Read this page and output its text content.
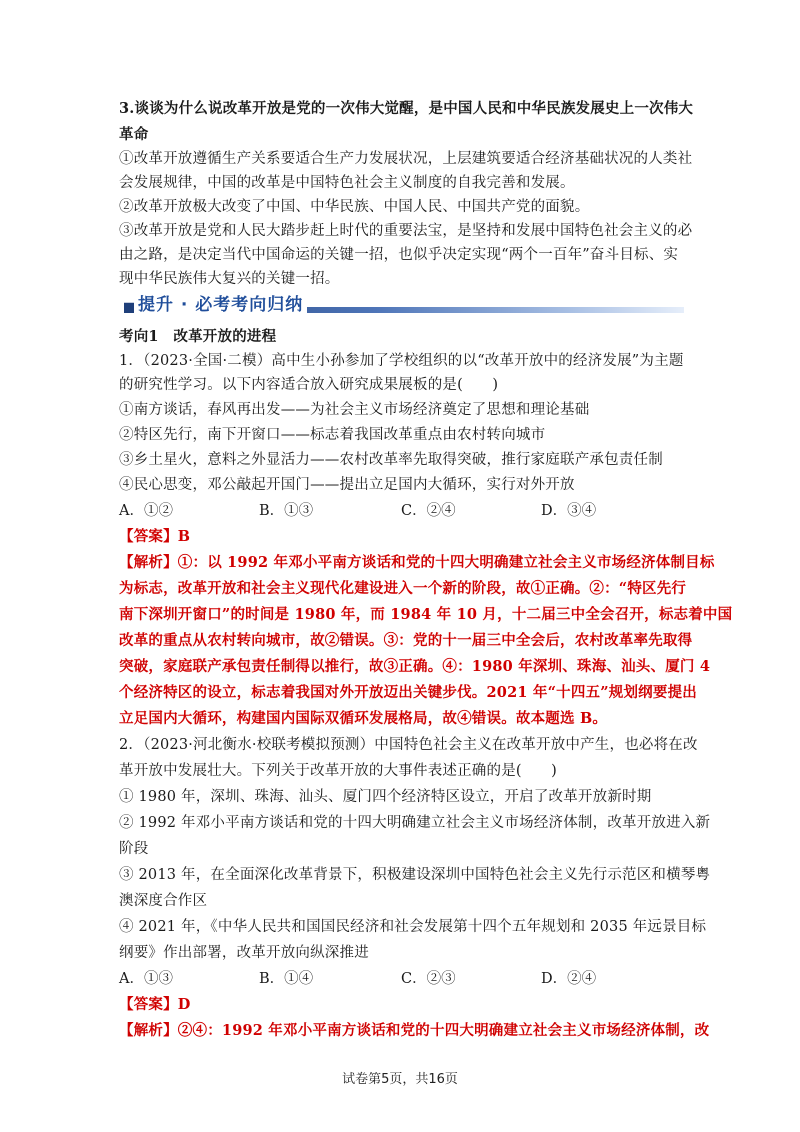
3.谈谈为什么说改革开放是党的一次伟大觉醒，是中国人民和中华民族发展史上一次伟大
革命
①改革开放遵循生产关系要适合生产力发展状况，上层建筑要适合经济基础状况的人类社
会发展规律，中国的改革是中国特色社会主义制度的自我完善和发展。
②改革开放极大改变了中国、中华民族、中国人民、中国共产党的面貌。
③改革开放是党和人民大踏步赶上时代的重要法宝，是坚持和发展中国特色社会主义的必
由之路，是决定当代中国命运的关键一招，也似乎决定实现“两个一百年”奋斗目标、实
现中华民族伟大复兴的关键一招。
提升 · 必考考向归纳
考向1　改革开放的进程
1．（2023·全国·二模）高中生小孙参加了学校组织的以“改革开放中的经济发展”为主题
的研究性学习。以下内容适合放入研究成果展板的是(　　)
①南方谈话，春风再出发——为社会主义市场经济奠定了思想和理论基础
②特区先行，南下开窗口——标志着我国改革重点由农村转向城市
③乡土星火，意料之外显活力——农村改革率先取得突破，推行家庭联产承包责任制
④民心思变，邓公敲起开国门——提出立足国内大循环，实行对外开放
A．①②	B．①③	C．②④	D．③④
【答案】B
【解析】①：以 1992 年邓小平南方谈话和党的十四大明确建立社会主义市场经济体制目标
为标志，改革开放和社会主义现代化建设进入一个新的阶段，故①正确。②：“特区先行
南下深圳开窗口”的时间是 1980 年，而 1984 年 10 月，十二届三中全会召开，标志着中国
改革的重点从农村转向城市，故②错误。③：党的十一届三中全会后，农村改革率先取得
突破，家庭联产承包责任制得以推行，故③正确。④：1980 年深圳、珠海、汕头、厦门 4
个经济特区的设立，标志着我国对外开放迈出关键步伐。2021 年“十四五”规划纲要提出
立足国内大循环，构建国内国际双循环发展格局，故④错误。故本题选 B。
2．（2023·河北衡水·校联考模拟预测）中国特色社会主义在改革开放中产生，也必将在改
革开放中发展壮大。下列关于改革开放的大事件表述正确的是(　　)
① 1980 年，深圳、珠海、汕头、厦门四个经济特区设立，开启了改革开放新时期
② 1992 年邓小平南方谈话和党的十四大明确建立社会主义市场经济体制，改革开放进入新
阶段
③ 2013 年，在全面深化改革背景下，积极建设深圳中国特色社会主义先行示范区和横琴粤
澳深度合作区
④ 2021 年，《中华人民共和国国民经济和社会发展第十四个五年规划和 2035 年远景目标
纲要》作出部署，改革开放向纵深推进
A．①③	B．①④	C．②③	D．②④
【答案】D
【解析】②④：1992 年邓小平南方谈话和党的十四大明确建立社会主义市场经济体制，改
试卷第5页，共16页
